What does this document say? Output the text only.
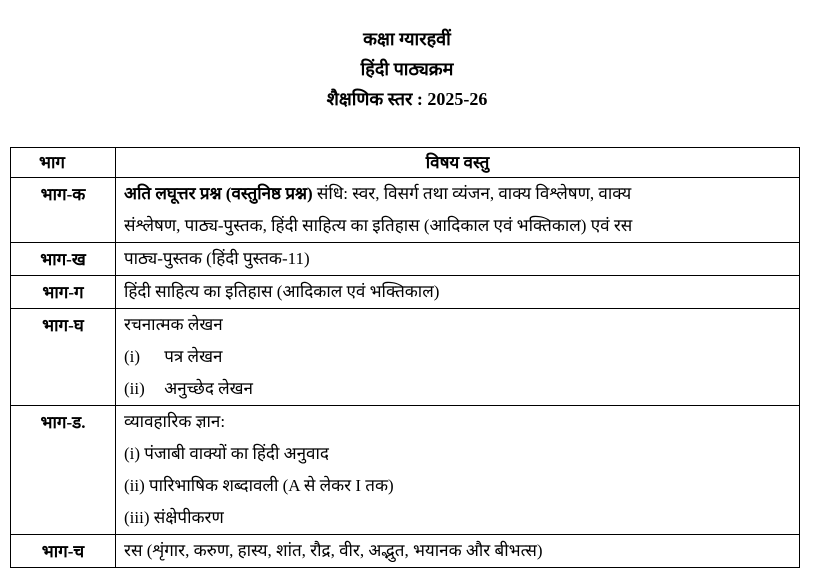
कक्षा ग्यारहवीं
हिंदी पाठ्यक्रम
शैक्षणिक स्तर : 2025-26
भाग	विषय वस्तु
भाग-क	अति लघूत्तर प्रश्न (वस्तुनिष्ठ प्रश्न) संधि: स्वर, विसर्ग तथा व्यंजन, वाक्य विश्लेषण, वाक्य
संश्लेषण, पाठ्य-पुस्तक, हिंदी साहित्य का इतिहास (आदिकाल एवं भक्तिकाल) एवं रस

भाग-ख	पाठ्य-पुस्तक (हिंदी पुस्तक-11)

भाग-ग	हिंदी साहित्य का इतिहास (आदिकाल एवं भक्तिकाल)

भाग-घ	रचनात्मक लेखन
(i) पत्र लेखन
(ii) अनुच्छेद लेखन

भाग-ड.	व्यावहारिक ज्ञान:
(i) पंजाबी वाक्यों का हिंदी अनुवाद
(ii) पारिभाषिक शब्दावली (A से लेकर I तक)
(iii) संक्षेपीकरण

भाग-च	रस (शृंगार, करुण, हास्य, शांत, रौद्र, वीर, अद्भुत, भयानक और बीभत्स)
